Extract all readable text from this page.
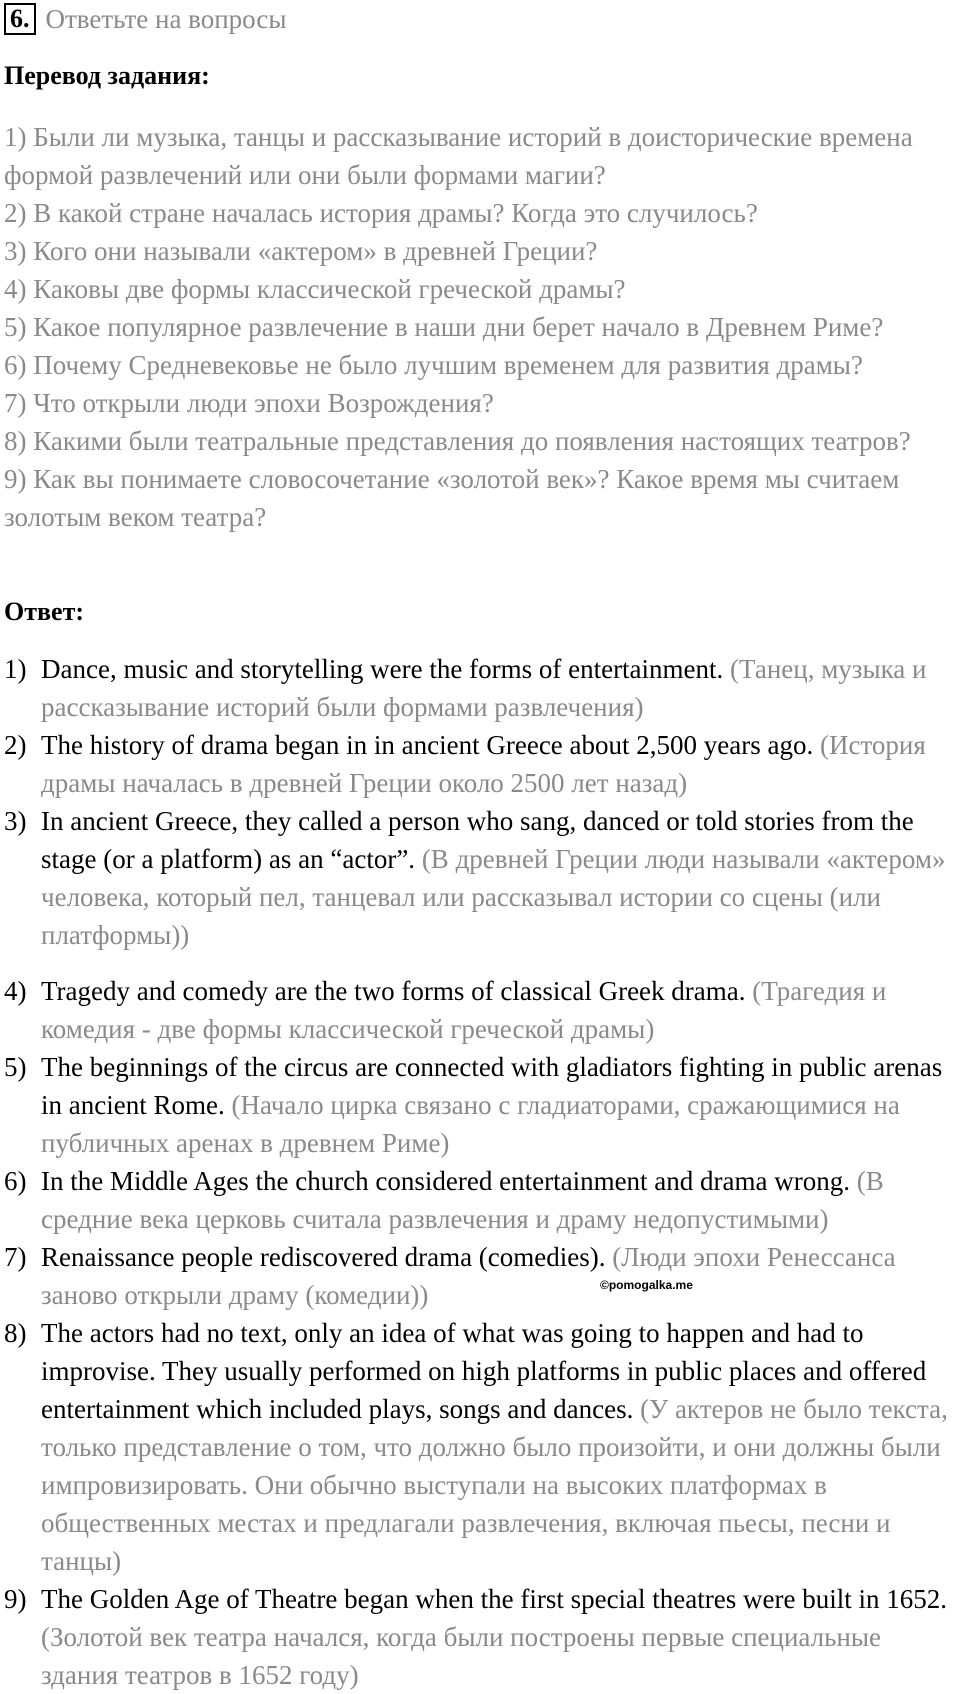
6. Ответьте на вопросы
Перевод задания:
1) Были ли музыка, танцы и рассказывание историй в доисторические времена формой развлечений или они были формами магии?
2) В какой стране началась история драмы? Когда это случилось?
3) Кого они называли «актером» в древней Греции?
4) Каковы две формы классической греческой драмы?
5) Какое популярное развлечение в наши дни берет начало в Древнем Риме?
6) Почему Средневековье не было лучшим временем для развития драмы?
7) Что открыли люди эпохи Возрождения?
8) Какими были театральные представления до появления настоящих театров?
9) Как вы понимаете словосочетание «золотой век»? Какое время мы считаем золотым веком театра?
Ответ:

1) Dance, music and storytelling were the forms of entertainment. (Танец, музыка и рассказывание историй были формами развлечения)

2) The history of drama began in in ancient Greece about 2,500 years ago. (История драмы началась в древней Греции около 2500 лет назад)

3) In ancient Greece, they called a person who sang, danced or told stories from the stage (or a platform) as an “actor”. (В древней Греции люди называли «актером» человека, который пел, танцевал или рассказывал истории со сцены (или платформы))

4) Tragedy and comedy are the two forms of classical Greek drama. (Трагедия и комедия - две формы классической греческой драмы)

5) The beginnings of the circus are connected with gladiators fighting in public arenas in ancient Rome. (Начало цирка связано с гладиаторами, сражающимися на публичных аренах в древнем Риме)

6) In the Middle Ages the church considered entertainment and drama wrong. (В средние века церковь считала развлечения и драму недопустимыми)

7) Renaissance people rediscovered drama (comedies). (Люди эпохи Ренессанса заново открыли драму (комедии))

8) The actors had no text, only an idea of what was going to happen and had to improvise. They usually performed on high platforms in public places and offered entertainment which included plays, songs and dances. (У актеров не было текста, только представление о том, что должно было произойти, и они должны были импровизировать. Они обычно выступали на высоких платформах в общественных местах и предлагали развлечения, включая пьесы, песни и танцы)

9) The Golden Age of Theatre began when the first special theatres were built in 1652. (Золотой век театра начался, когда были построены первые специальные здания театров в 1652 году)

©pomogalka.me
